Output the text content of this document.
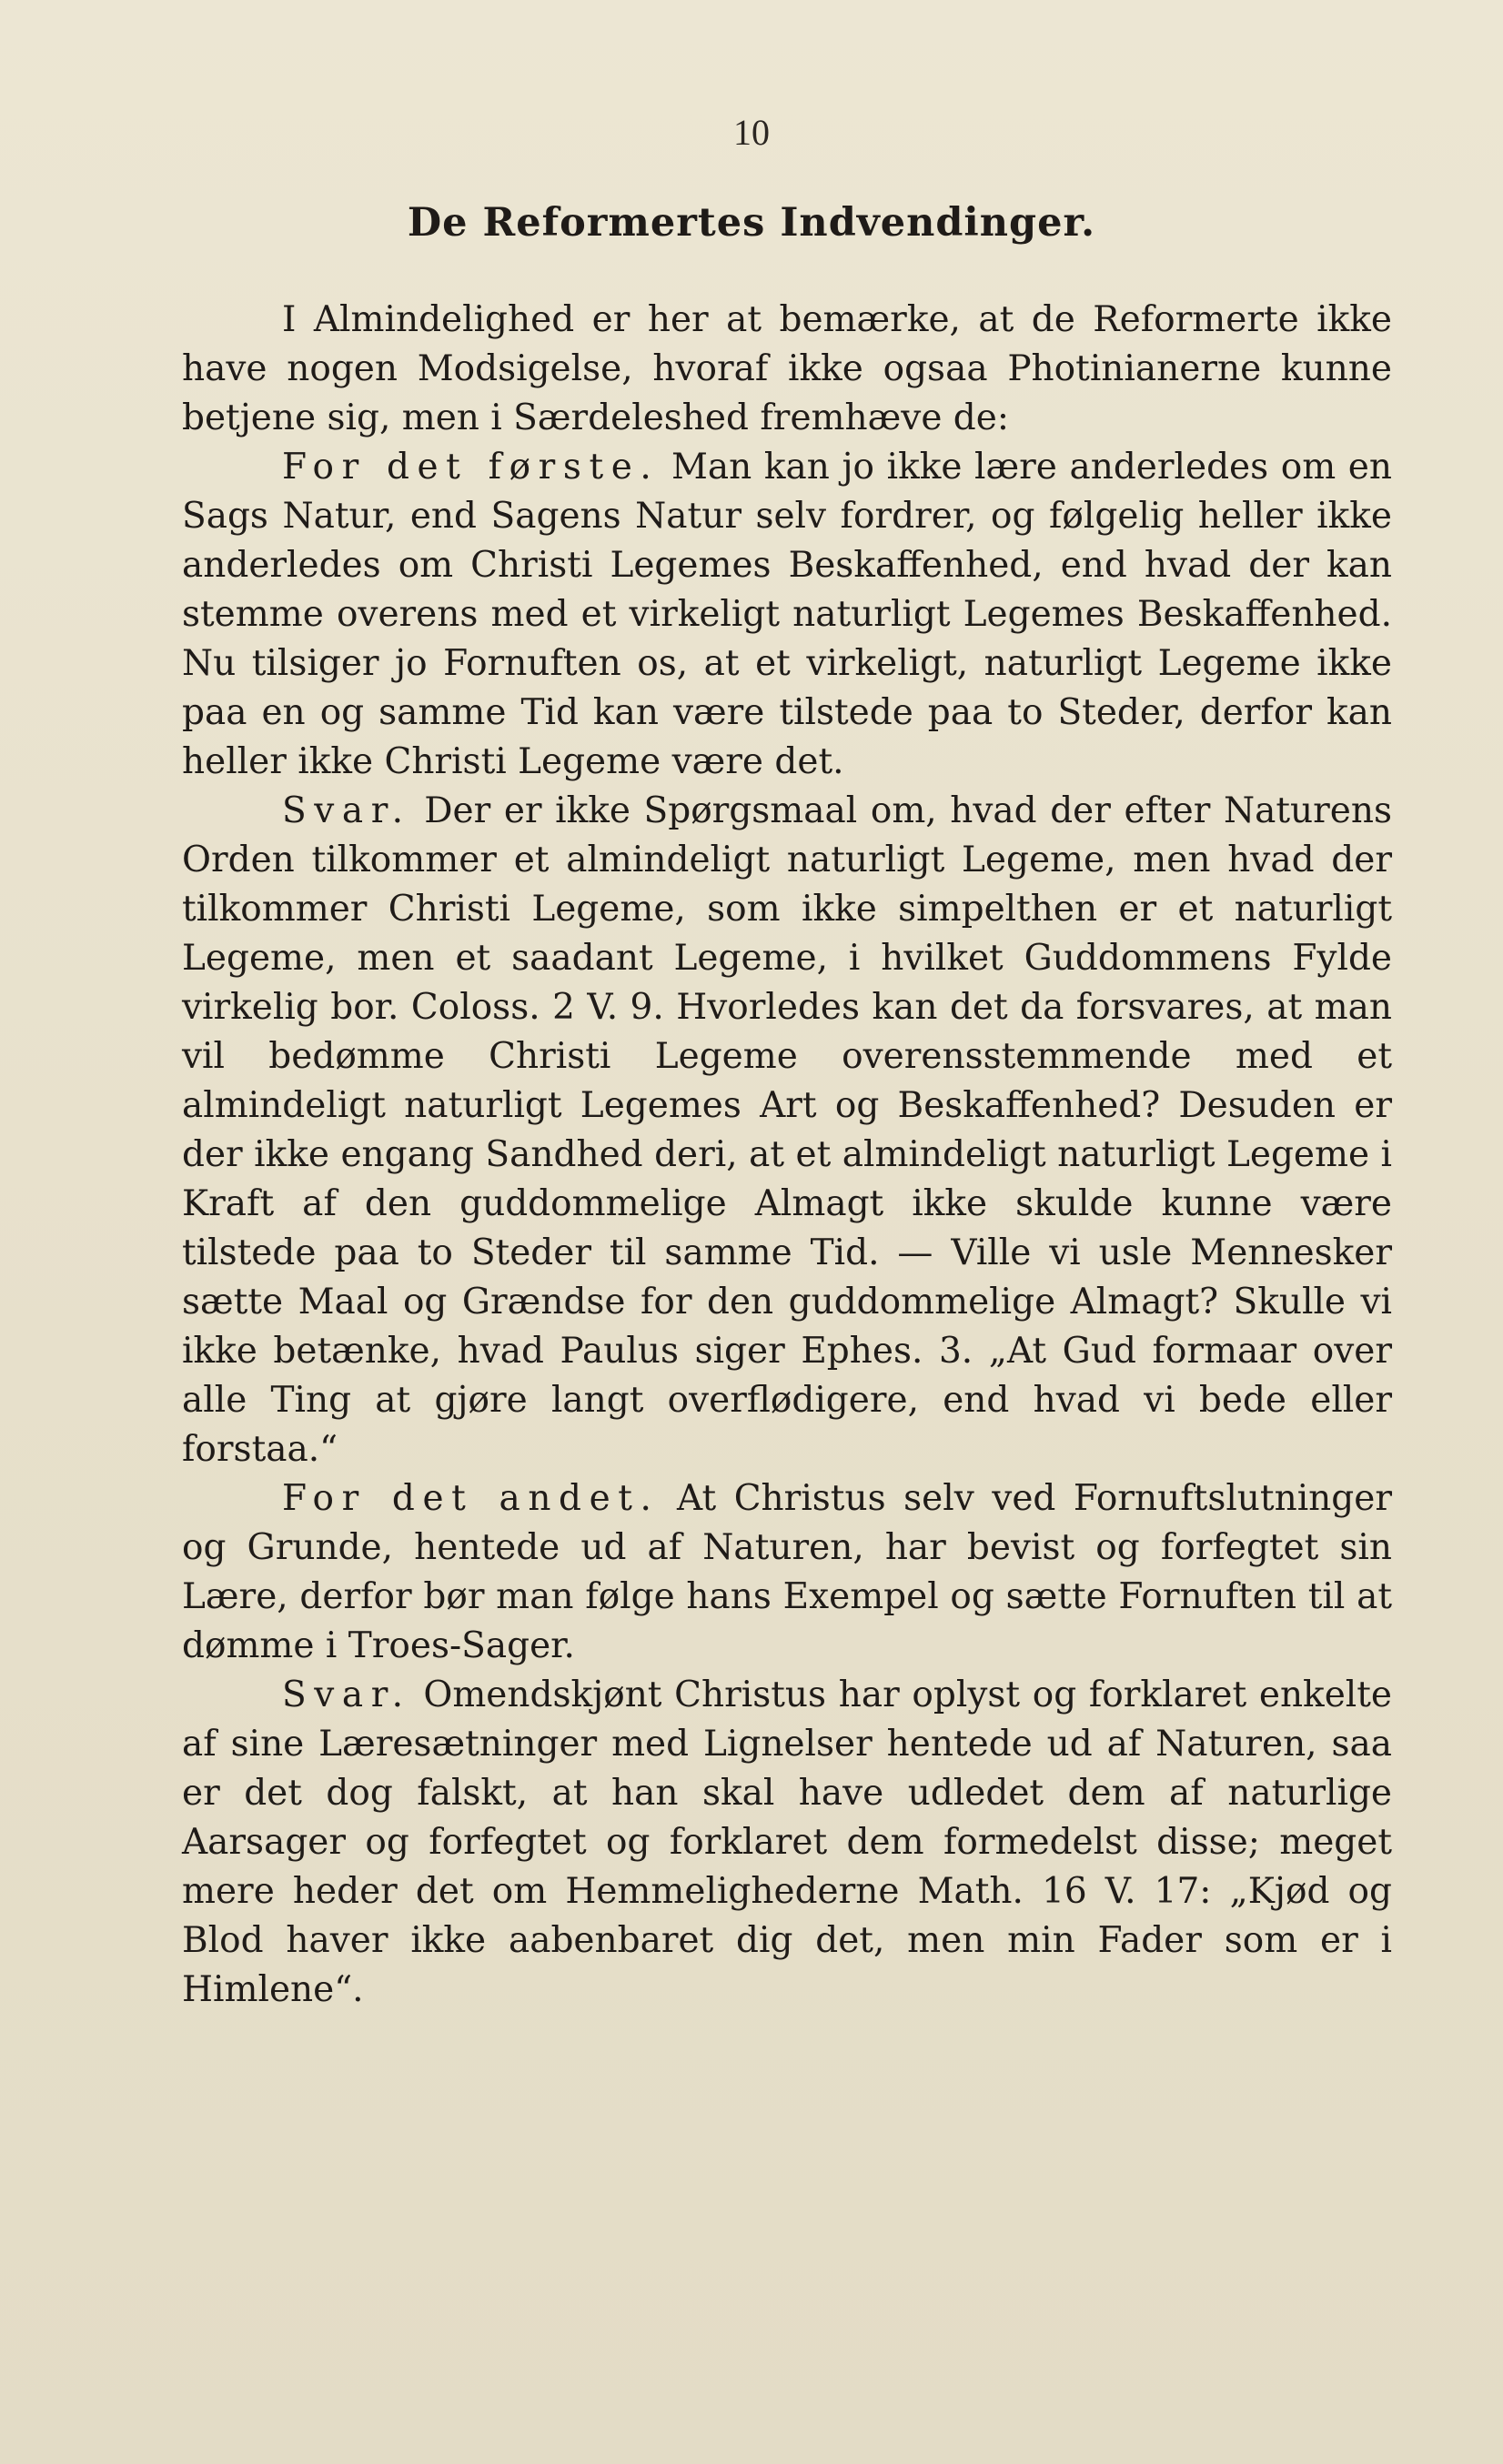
10
De Reformertes Indvendinger.

I Almindelighed er her at bemærke, at de Reformerte ikke have nogen Modsigelse, hvoraf ikke ogsaa Photinianerne kunne betjene sig, men i Særdeleshed fremhæve de:

For det første. Man kan jo ikke lære anderledes om en Sags Natur, end Sagens Natur selv fordrer, og følgelig heller ikke anderledes om Christi Legemes Beskaffenhed, end hvad der kan stemme overens med et virkeligt naturligt Legemes Beskaffenhed. Nu tilsiger jo Fornuften os, at et virkeligt, naturligt Legeme ikke paa en og samme Tid kan være tilstede paa to Steder, derfor kan heller ikke Christi Legeme være det.

Svar. Der er ikke Spørgsmaal om, hvad der efter Naturens Orden tilkommer et almindeligt naturligt Legeme, men hvad der tilkommer Christi Legeme, som ikke simpelthen er et naturligt Legeme, men et saadant Legeme, i hvilket Guddommens Fylde virkelig bor. Coloss. 2 V. 9. Hvorledes kan det da forsvares, at man vil bedømme Christi Legeme overensstemmende med et almindeligt naturligt Legemes Art og Beskaffenhed? Desuden er der ikke engang Sandhed deri, at et almindeligt naturligt Legeme i Kraft af den guddommelige Almagt ikke skulde kunne være tilstede paa to Steder til samme Tid. — Ville vi usle Mennesker sætte Maal og Grændse for den guddommelige Almagt? Skulle vi ikke betænke, hvad Paulus siger Ephes. 3. „At Gud formaar over alle Ting at gjøre langt overflødigere, end hvad vi bede eller forstaa.“

For det andet. At Christus selv ved Fornuftslutninger og Grunde, hentede ud af Naturen, har bevist og forfegtet sin Lære, derfor bør man følge hans Exempel og sætte Fornuften til at dømme i Troes-Sager.

Svar. Omendskjønt Christus har oplyst og forklaret enkelte af sine Læresætninger med Lignelser hentede ud af Naturen, saa er det dog falskt, at han skal have udledet dem af naturlige Aarsager og forfegtet og forklaret dem formedelst disse; meget mere heder det om Hemmelighederne Math. 16 V. 17: „Kjød og Blod haver ikke aabenbaret dig det, men min Fader som er i Himlene“.
